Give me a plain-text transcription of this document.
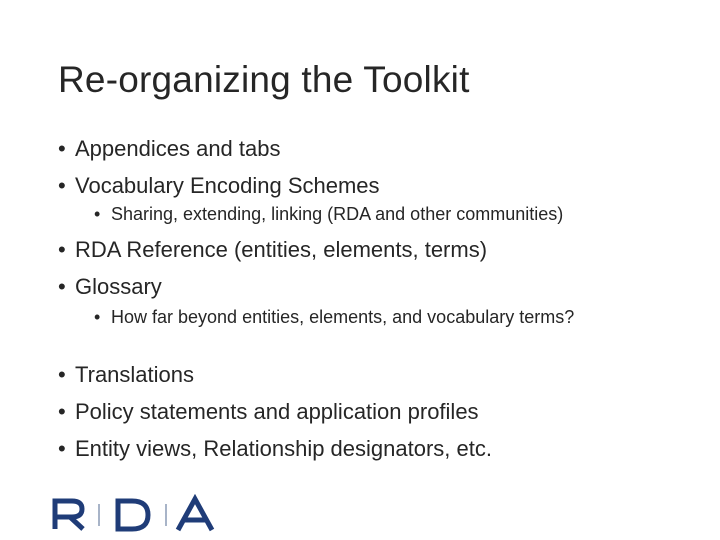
Re-organizing the Toolkit
• Appendices and tabs
• Vocabulary Encoding Schemes
• Sharing, extending, linking (RDA and other communities)
• RDA Reference (entities, elements, terms)
• Glossary
• How far beyond entities, elements, and vocabulary terms?
• Translations
• Policy statements and application profiles
• Entity views, Relationship designators, etc.
